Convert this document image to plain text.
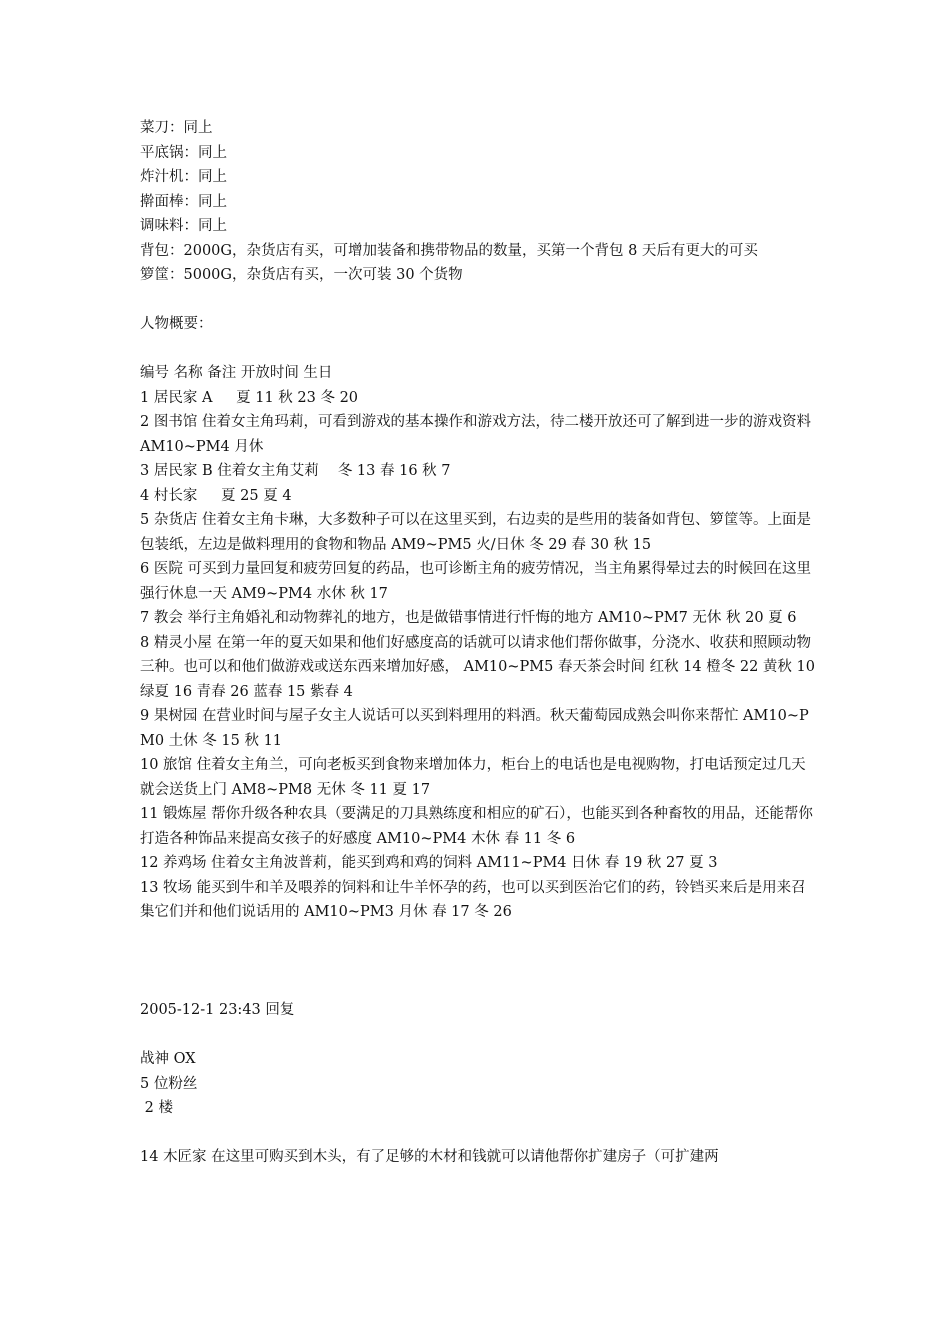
菜刀：同上

平底锅：同上

炸汁机：同上

擀面棒：同上

调味料：同上

背包：2000G，杂货店有买，可增加装备和携带物品的数量，买第一个背包 8 天后有更大的可买

箩筐：5000G，杂货店有买，一次可装 30 个货物

人物概要：

编号 名称 备注 开放时间 生日

1 居民家 A 　 夏 11 秋 23 冬 20

2 图书馆 住着女主角玛莉，可看到游戏的基本操作和游戏方法，待二楼开放还可了解到进一步的游戏资料 AM10~PM4 月休

3 居民家 B 住着女主角艾莉 　冬 13 春 16 秋 7

4 村长家 　 夏 25 夏 4

5 杂货店 住着女主角卡琳，大多数种子可以在这里买到，右边卖的是些用的装备如背包、箩筐等。上面是包装纸，左边是做料理用的食物和物品 AM9~PM5 火/日休 冬 29 春 30 秋 15

6 医院 可买到力量回复和疲劳回复的药品，也可诊断主角的疲劳情况，当主角累得晕过去的时候回在这里强行休息一天 AM9~PM4 水休 秋 17

7 教会 举行主角婚礼和动物葬礼的地方，也是做错事情进行忏悔的地方 AM10~PM7 无休 秋 20 夏 6

8 精灵小屋 在第一年的夏天如果和他们好感度高的话就可以请求他们帮你做事，分浇水、收获和照顾动物三种。也可以和他们做游戏或送东西来增加好感， AM10~PM5 春天茶会时间 红秋 14 橙冬 22 黄秋 10 绿夏 16 青春 26 蓝春 15 紫春 4

9 果树园 在营业时间与屋子女主人说话可以买到料理用的料酒。秋天葡萄园成熟会叫你来帮忙 AM10~PM0 土休 冬 15 秋 11

10 旅馆 住着女主角兰，可向老板买到食物来增加体力，柜台上的电话也是电视购物，打电话预定过几天就会送货上门 AM8~PM8 无休 冬 11 夏 17

11 锻炼屋 帮你升级各种农具（要满足的刀具熟练度和相应的矿石），也能买到各种畜牧的用品，还能帮你打造各种饰品来提高女孩子的好感度 AM10~PM4 木休 春 11 冬 6

12 养鸡场 住着女主角波普莉，能买到鸡和鸡的饲料 AM11~PM4 日休 春 19 秋 27 夏 3

13 牧场 能买到牛和羊及喂养的饲料和让牛羊怀孕的药，也可以买到医治它们的药，铃铛买来后是用来召集它们并和他们说话用的 AM10~PM3 月休 春 17 冬 26

2005-12-1 23:43 回复

战神 OX

5 位粉丝

2 楼

14 木匠家 在这里可购买到木头，有了足够的木材和钱就可以请他帮你扩建房子（可扩建两
